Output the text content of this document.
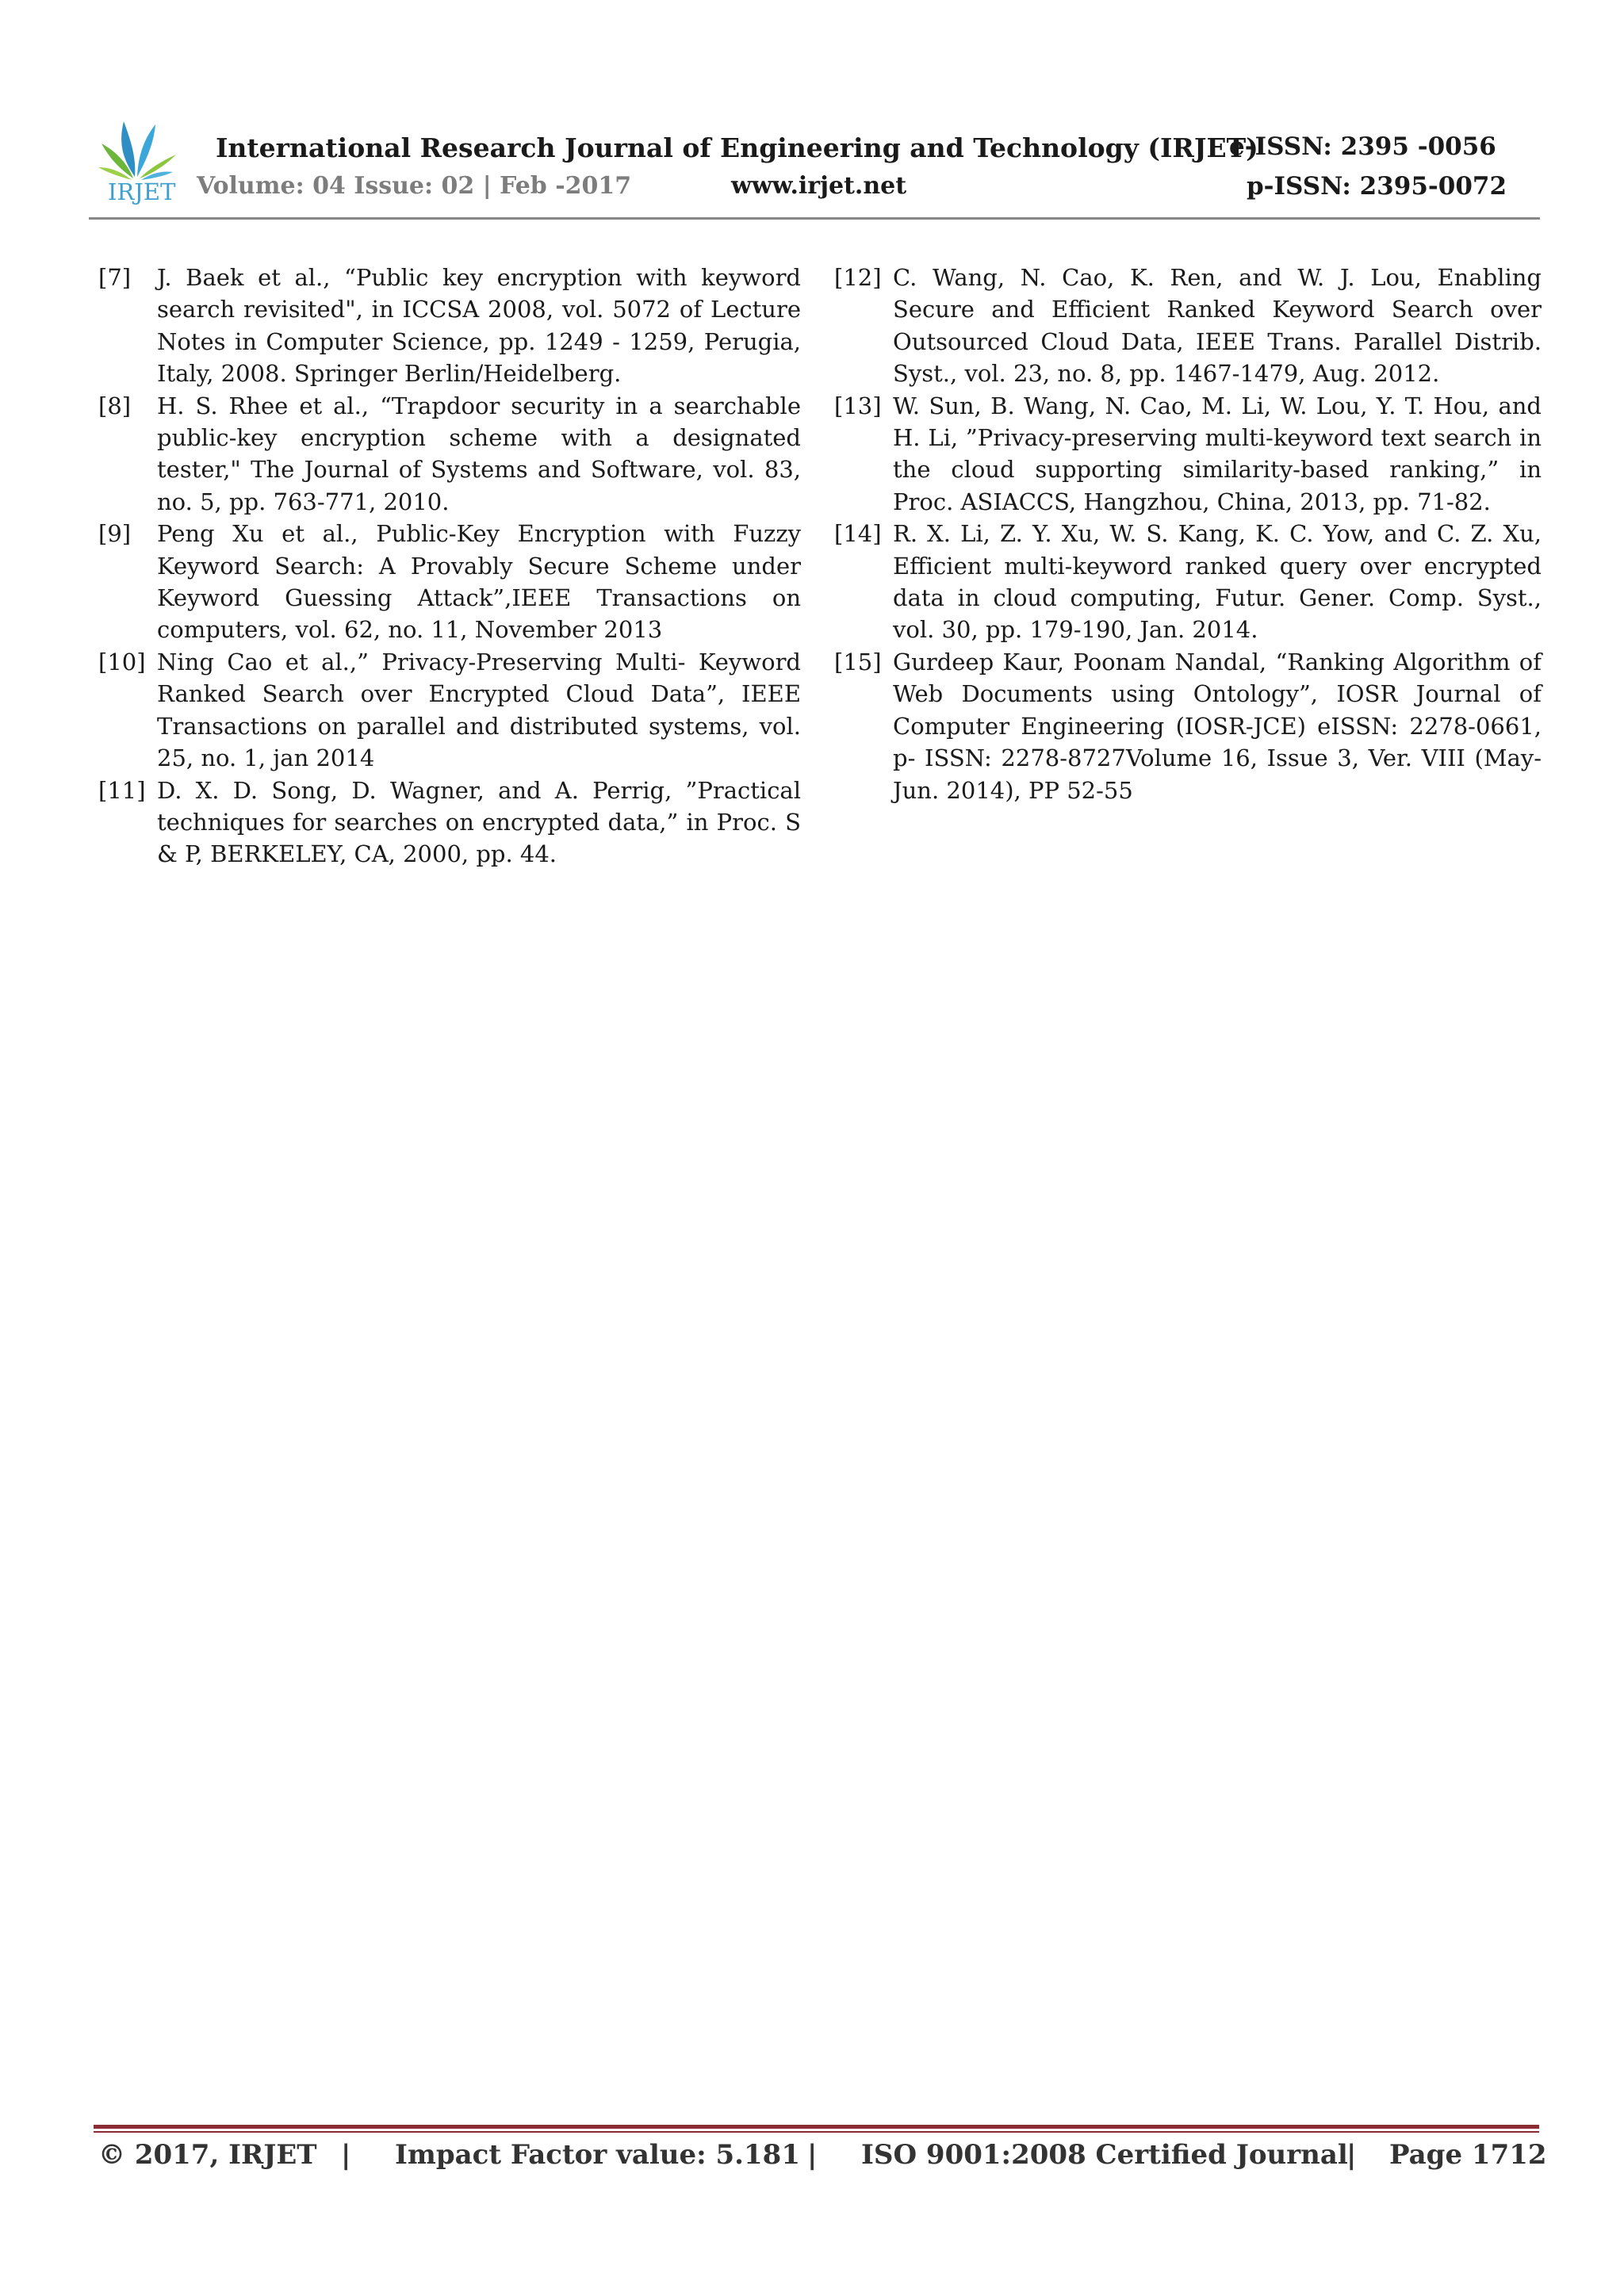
IRJET
International Research Journal of Engineering and Technology (IRJET)
e-ISSN: 2395 -0056
Volume: 04 Issue: 02 | Feb -2017	www.irjet.net	p-ISSN: 2395-0072
[7] J. Baek et al., “Public key encryption with keyword search revisited", in ICCSA 2008, vol. 5072 of Lecture Notes in Computer Science, pp. 1249 - 1259, Perugia, Italy, 2008. Springer Berlin/Heidelberg.
[8] H. S. Rhee et al., “Trapdoor security in a searchable public-key encryption scheme with a designated tester," The Journal of Systems and Software, vol. 83, no. 5, pp. 763-771, 2010.
[9] Peng Xu et al., Public-Key Encryption with Fuzzy Keyword Search: A Provably Secure Scheme under Keyword Guessing Attack”,IEEE Transactions on computers, vol. 62, no. 11, November 2013
[10] Ning Cao et al.,” Privacy-Preserving Multi- Keyword Ranked Search over Encrypted Cloud Data”, IEEE Transactions on parallel and distributed systems, vol. 25, no. 1, jan 2014
[11] D. X. D. Song, D. Wagner, and A. Perrig, ”Practical techniques for searches on encrypted data,” in Proc. S & P, BERKELEY, CA, 2000, pp. 44.
[12] C. Wang, N. Cao, K. Ren, and W. J. Lou, Enabling Secure and Efficient Ranked Keyword Search over Outsourced Cloud Data, IEEE Trans. Parallel Distrib. Syst., vol. 23, no. 8, pp. 1467-1479, Aug. 2012.
[13] W. Sun, B. Wang, N. Cao, M. Li, W. Lou, Y. T. Hou, and H. Li, ”Privacy-preserving multi-keyword text search in the cloud supporting similarity-based ranking,” in Proc. ASIACCS, Hangzhou, China, 2013, pp. 71-82.
[14] R. X. Li, Z. Y. Xu, W. S. Kang, K. C. Yow, and C. Z. Xu, Efficient multi-keyword ranked query over encrypted data in cloud computing, Futur. Gener. Comp. Syst., vol. 30, pp. 179-190, Jan. 2014.
[15] Gurdeep Kaur, Poonam Nandal, “Ranking Algorithm of Web Documents using Ontology”, IOSR Journal of Computer Engineering (IOSR-JCE) eISSN: 2278-0661, p- ISSN: 2278-8727Volume 16, Issue 3, Ver. VIII (May-Jun. 2014), PP 52-55
© 2017, IRJET | Impact Factor value: 5.181 | ISO 9001:2008 Certified Journal
| Page 1712
